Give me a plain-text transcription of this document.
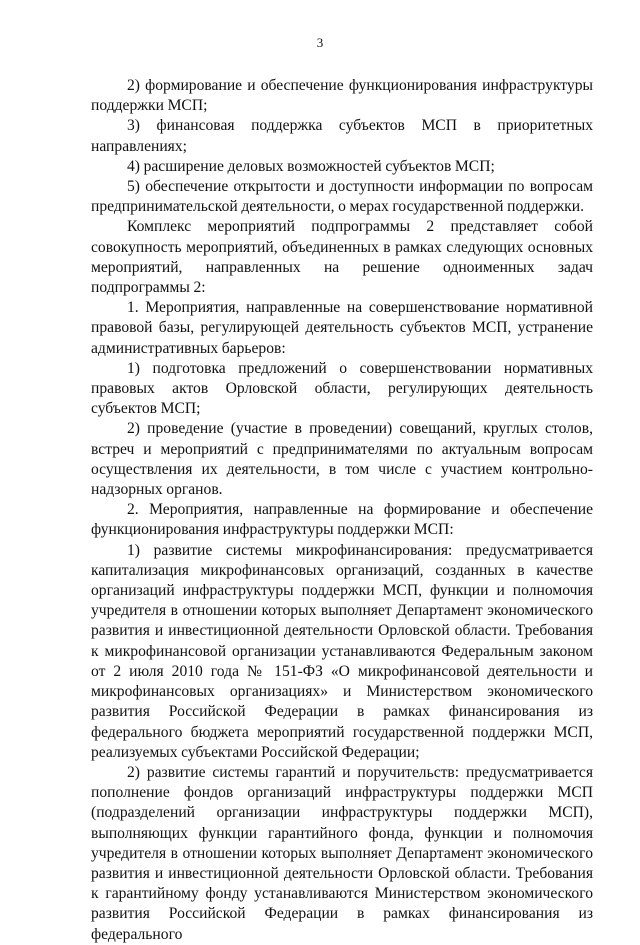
3

2) формирование и обеспечение функционирования инфраструктуры поддержки МСП;

3) финансовая поддержка субъектов МСП в приоритетных направлениях;

4) расширение деловых возможностей субъектов МСП;

5) обеспечение открытости и доступности информации по вопросам предпринимательской деятельности, о мерах государственной поддержки.

Комплекс мероприятий подпрограммы 2 представляет собой совокупность мероприятий, объединенных в рамках следующих основных мероприятий, направленных на решение одноименных задач подпрограммы 2:

1. Мероприятия, направленные на совершенствование нормативной правовой базы, регулирующей деятельность субъектов МСП, устранение административных барьеров:

1) подготовка предложений о совершенствовании нормативных правовых актов Орловской области, регулирующих деятельность субъектов МСП;

2) проведение (участие в проведении) совещаний, круглых столов, встреч и мероприятий с предпринимателями по актуальным вопросам осуществления их деятельности, в том числе с участием контрольно-надзорных органов.

2. Мероприятия, направленные на формирование и обеспечение функционирования инфраструктуры поддержки МСП:

1) развитие системы микрофинансирования: предусматривается капитализация микрофинансовых организаций, созданных в качестве организаций инфраструктуры поддержки МСП, функции и полномочия учредителя в отношении которых выполняет Департамент экономического развития и инвестиционной деятельности Орловской области. Требования к микрофинансовой организации устанавливаются Федеральным законом от 2 июля 2010 года № 151-ФЗ «О микрофинансовой деятельности и микрофинансовых организациях» и Министерством экономического развития Российской Федерации в рамках финансирования из федерального бюджета мероприятий государственной поддержки МСП, реализуемых субъектами Российской Федерации;

2) развитие системы гарантий и поручительств: предусматривается пополнение фондов организаций инфраструктуры поддержки МСП (подразделений организации инфраструктуры поддержки МСП), выполняющих функции гарантийного фонда, функции и полномочия учредителя в отношении которых выполняет Департамент экономического развития и инвестиционной деятельности Орловской области. Требования к гарантийному фонду устанавливаются Министерством экономического развития Российской Федерации в рамках финансирования из федерального
